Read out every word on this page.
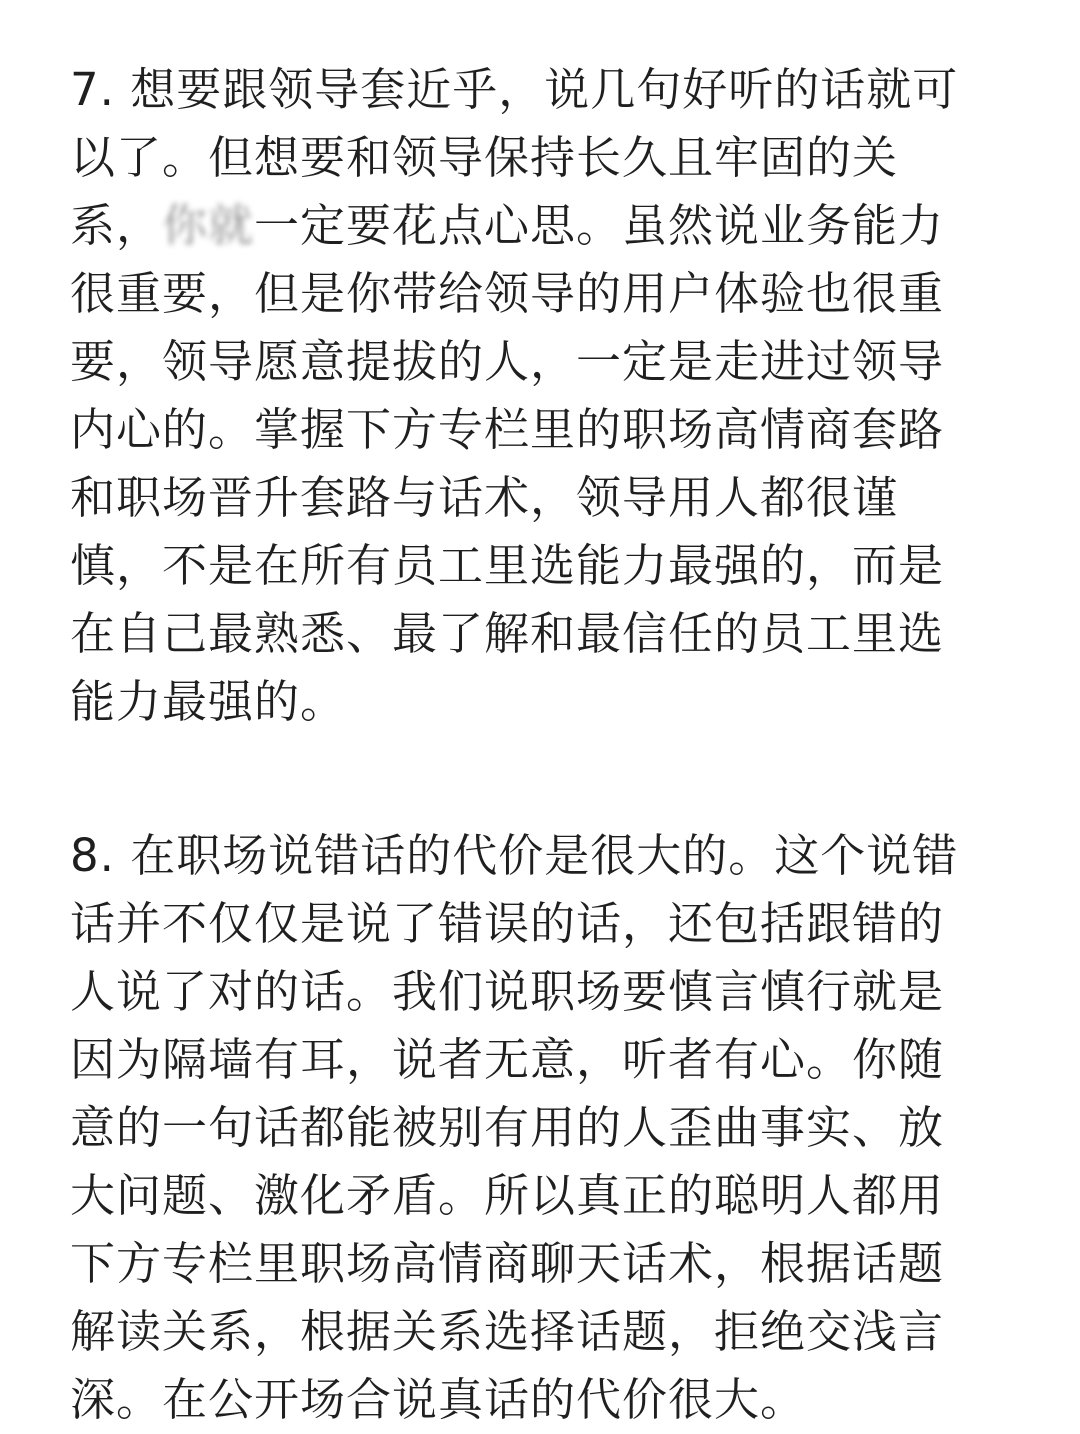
7. 想要跟领导套近乎，说几句好听的话就可
以了。但想要和领导保持长久且牢固的关
系，你就一定要花点心思。虽然说业务能力
很重要，但是你带给领导的用户体验也很重
要，领导愿意提拔的人，一定是走进过领导
内心的。掌握下方专栏里的职场高情商套路
和职场晋升套路与话术，领导用人都很谨
慎，不是在所有员工里选能力最强的，而是
在自己最熟悉、最了解和最信任的员工里选
能力最强的。
8. 在职场说错话的代价是很大的。这个说错
话并不仅仅是说了错误的话，还包括跟错的
人说了对的话。我们说职场要慎言慎行就是
因为隔墙有耳，说者无意，听者有心。你随
意的一句话都能被别有用的人歪曲事实、放
大问题、激化矛盾。所以真正的聪明人都用
下方专栏里职场高情商聊天话术，根据话题
解读关系，根据关系选择话题，拒绝交浅言
深。在公开场合说真话的代价很大。
